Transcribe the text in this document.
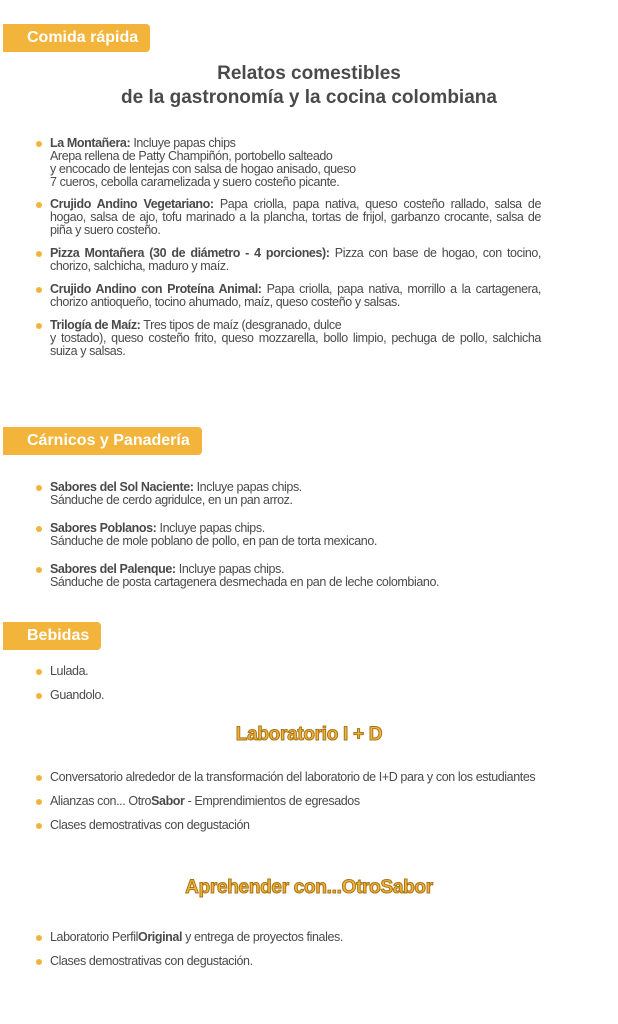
Comida rápida
Relatos comestibles
de la gastronomía y la cocina colombiana
La Montañera: Incluye papas chips
Arepa rellena de Patty Champiñón, portobello salteado
y encocado de lentejas con salsa de hogao anisado, queso
7 cueros, cebolla caramelizada y suero costeño picante.
Crujido Andino Vegetariano: Papa criolla, papa nativa, queso costeño rallado, salsa de hogao, salsa de ajo, tofu marinado a la plancha, tortas de frijol, garbanzo crocante, salsa de piña y suero costeño.
Pizza Montañera (30 de diámetro - 4 porciones): Pizza con base de hogao, con tocino, chorizo, salchicha, maduro y maíz.
Crujido Andino con Proteína Animal: Papa criolla, papa nativa, morrillo a la cartagenera, chorizo antioqueño, tocino ahumado, maíz, queso costeño y salsas.
Trilogía de Maíz: Tres tipos de maíz (desgranado, dulce
y tostado), queso costeño frito, queso mozzarella, bollo limpio, pechuga de pollo, salchicha suiza y salsas.
Cárnicos y Panadería
Sabores del Sol Naciente: Incluye papas chips.
Sánduche de cerdo agridulce, en un pan arroz.
Sabores Poblanos: Incluye papas chips.
Sánduche de mole poblano de pollo, en pan de torta mexicano.
Sabores del Palenque: Incluye papas chips.
Sánduche de posta cartagenera desmechada en pan de leche colombiano.
Bebidas
Lulada.
Guandolo.
Laboratorio I + D
Conversatorio alrededor de la transformación del laboratorio de I+D para y con los estudiantes
Alianzas con... OtroSabor - Emprendimientos de egresados
Clases demostrativas con degustación
Aprehender con...OtroSabor
Laboratorio PerfilOriginal y entrega de proyectos finales.
Clases demostrativas con degustación.
